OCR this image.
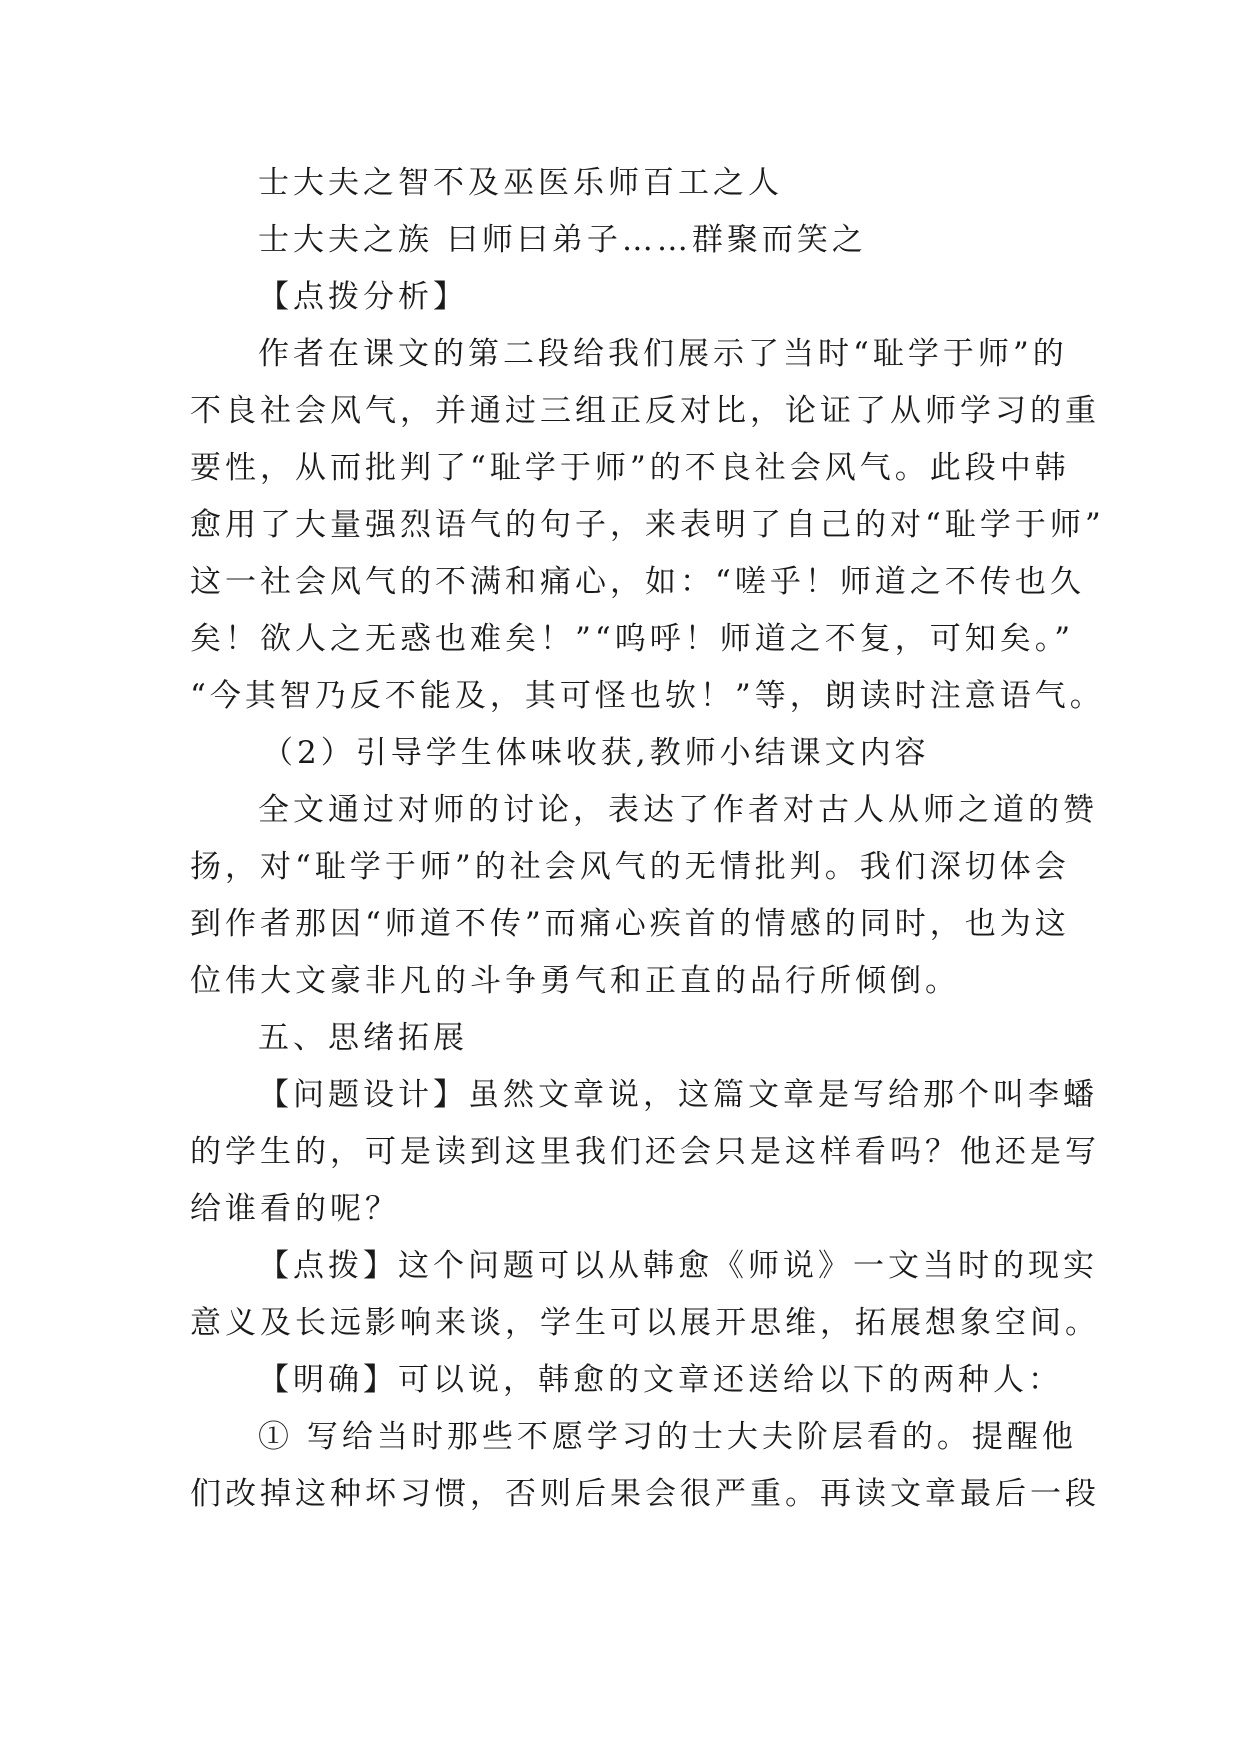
士大夫之智不及巫医乐师百工之人
士大夫之族 曰师曰弟子……群聚而笑之
【点拨分析】
作者在课文的第二段给我们展示了当时“耻学于师”的
不良社会风气，并通过三组正反对比，论证了从师学习的重
要性，从而批判了“耻学于师”的不良社会风气。此段中韩
愈用了大量强烈语气的句子，来表明了自己的对“耻学于师”
这一社会风气的不满和痛心，如：“嗟乎！师道之不传也久
矣！欲人之无惑也难矣！”“呜呼！师道之不复，可知矣。”
“今其智乃反不能及，其可怪也欤！”等，朗读时注意语气。
（2）引导学生体味收获,教师小结课文内容
全文通过对师的讨论，表达了作者对古人从师之道的赞
扬，对“耻学于师”的社会风气的无情批判。我们深切体会
到作者那因“师道不传”而痛心疾首的情感的同时，也为这
位伟大文豪非凡的斗争勇气和正直的品行所倾倒。
五、思绪拓展
【问题设计】虽然文章说，这篇文章是写给那个叫李蟠
的学生的，可是读到这里我们还会只是这样看吗？他还是写
给谁看的呢？
【点拨】这个问题可以从韩愈《师说》一文当时的现实
意义及长远影响来谈，学生可以展开思维，拓展想象空间。
【明确】可以说，韩愈的文章还送给以下的两种人：
① 写给当时那些不愿学习的士大夫阶层看的。提醒他
们改掉这种坏习惯，否则后果会很严重。再读文章最后一段
